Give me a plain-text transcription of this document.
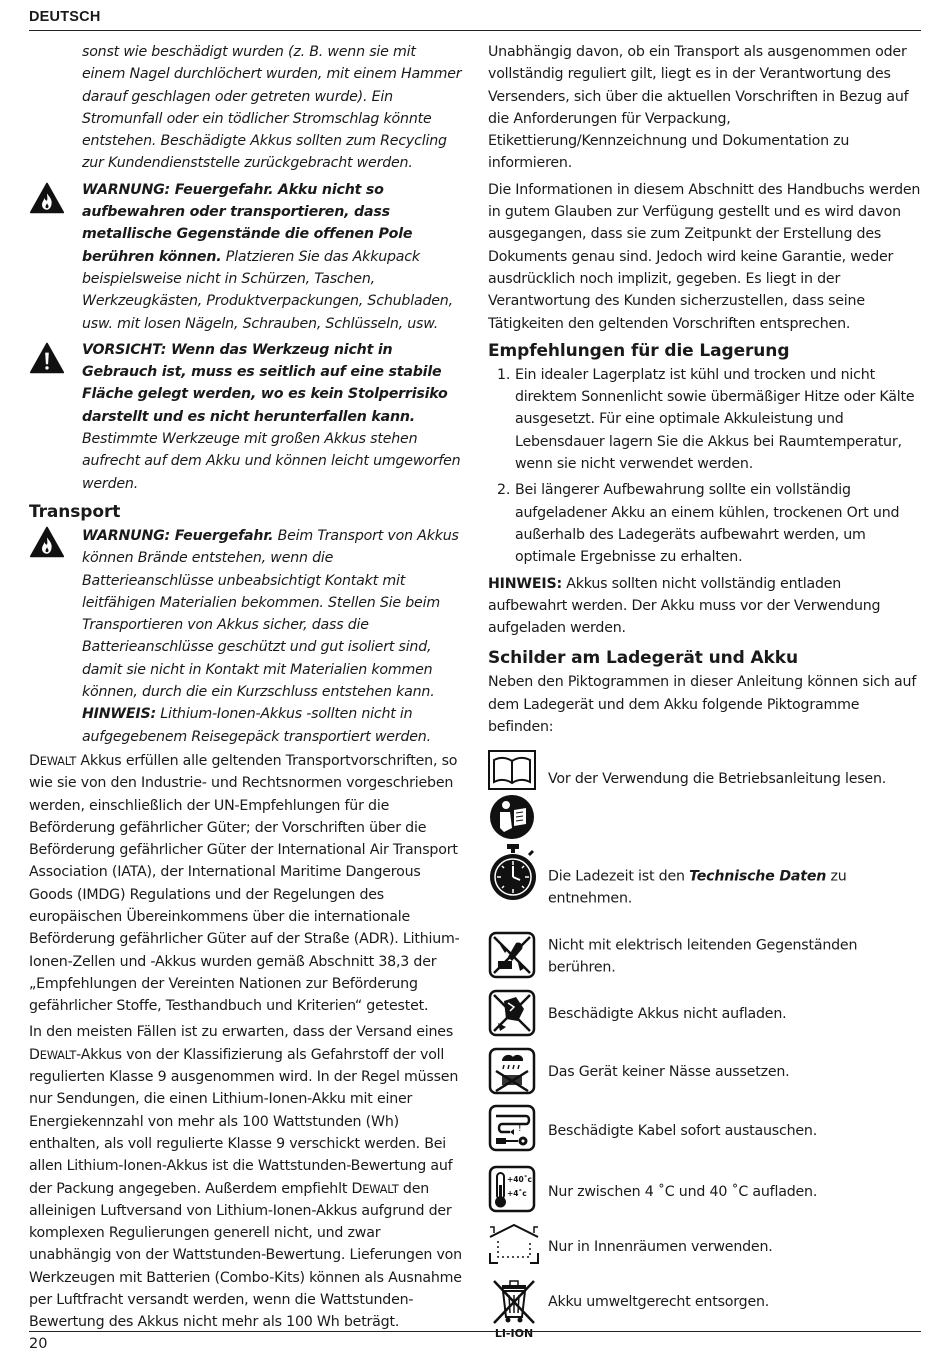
DEUTSCH

sonst wie beschädigt wurden (z. B. wenn sie mit einem Nagel durchlöchert wurden, mit einem Hammer darauf geschlagen oder getreten wurde). Ein Stromunfall oder ein tödlicher Stromschlag könnte entstehen. Beschädigte Akkus sollten zum Recycling zur Kundendienststelle zurückgebracht werden.

WARNUNG: Feuergefahr. Akku nicht so aufbewahren oder transportieren, dass metallische Gegenstände die offenen Pole berühren können. Platzieren Sie das Akkupack beispielsweise nicht in Schürzen, Taschen, Werkzeugkästen, Produktverpackungen, Schubladen, usw. mit losen Nägeln, Schrauben, Schlüsseln, usw.

VORSICHT: Wenn das Werkzeug nicht in Gebrauch ist, muss es seitlich auf eine stabile Fläche gelegt werden, wo es kein Stolperrisiko darstellt und es nicht herunterfallen kann. Bestimmte Werkzeuge mit großen Akkus stehen aufrecht auf dem Akku und können leicht umgeworfen werden.

Transport

WARNUNG: Feuergefahr. Beim Transport von Akkus können Brände entstehen, wenn die Batterieanschlüsse unbeabsichtigt Kontakt mit leitfähigen Materialien bekommen. Stellen Sie beim Transportieren von Akkus sicher, dass die Batterieanschlüsse geschützt und gut isoliert sind, damit sie nicht in Kontakt mit Materialien kommen können, durch die ein Kurzschluss entstehen kann.

HINWEIS: Lithium-Ionen-Akkus -sollten nicht in aufgegebenem Reisegepäck transportiert werden.

DEWALT Akkus erfüllen alle geltenden Transportvorschriften, so wie sie von den Industrie- und Rechtsnormen vorgeschrieben werden, einschließlich der UN-Empfehlungen für die Beförderung gefährlicher Güter; der Vorschriften über die Beförderung gefährlicher Güter der International Air Transport Association (IATA), der International Maritime Dangerous Goods (IMDG) Regulations und der Regelungen des europäischen Übereinkommens über die internationale Beförderung gefährlicher Güter auf der Straße (ADR). Lithium-Ionen-Zellen und -Akkus wurden gemäß Abschnitt 38,3 der „Empfehlungen der Vereinten Nationen zur Beförderung gefährlicher Stoffe, Testhandbuch und Kriterien“ getestet.

In den meisten Fällen ist zu erwarten, dass der Versand eines DEWALT-Akkus von der Klassifizierung als Gefahrstoff der voll regulierten Klasse 9 ausgenommen wird. In der Regel müssen nur Sendungen, die einen Lithium-Ionen-Akku mit einer Energiekennzahl von mehr als 100 Wattstunden (Wh) enthalten, als voll regulierte Klasse 9 verschickt werden. Bei allen Lithium-Ionen-Akkus ist die Wattstunden-Bewertung auf der Packung angegeben. Außerdem empfiehlt DEWALT den alleinigen Luftversand von Lithium-Ionen-Akkus aufgrund der komplexen Regulierungen generell nicht, und zwar unabhängig von der Wattstunden-Bewertung. Lieferungen von Werkzeugen mit Batterien (Combo-Kits) können als Ausnahme per Luftfracht versandt werden, wenn die Wattstunden-Bewertung des Akkus nicht mehr als 100 Wh beträgt.

Unabhängig davon, ob ein Transport als ausgenommen oder vollständig reguliert gilt, liegt es in der Verantwortung des Versenders, sich über die aktuellen Vorschriften in Bezug auf die Anforderungen für Verpackung, Etikettierung/Kennzeichnung und Dokumentation zu informieren.

Die Informationen in diesem Abschnitt des Handbuchs werden in gutem Glauben zur Verfügung gestellt und es wird davon ausgegangen, dass sie zum Zeitpunkt der Erstellung des Dokuments genau sind. Jedoch wird keine Garantie, weder ausdrücklich noch implizit, gegeben. Es liegt in der Verantwortung des Kunden sicherzustellen, dass seine Tätigkeiten den geltenden Vorschriften entsprechen.

Empfehlungen für die Lagerung
1. Ein idealer Lagerplatz ist kühl und trocken und nicht direktem Sonnenlicht sowie übermäßiger Hitze oder Kälte ausgesetzt. Für eine optimale Akkuleistung und Lebensdauer lagern Sie die Akkus bei Raumtemperatur, wenn sie nicht verwendet werden.
2. Bei längerer Aufbewahrung sollte ein vollständig aufgeladener Akku an einem kühlen, trockenen Ort und außerhalb des Ladegeräts aufbewahrt werden, um optimale Ergebnisse zu erhalten.

HINWEIS: Akkus sollten nicht vollständig entladen aufbewahrt werden. Der Akku muss vor der Verwendung aufgeladen werden.

Schilder am Ladegerät und Akku

Neben den Piktogrammen in dieser Anleitung können sich auf dem Ladegerät und dem Akku folgende Piktogramme befinden:

Vor der Verwendung die Betriebsanleitung lesen.

Die Ladezeit ist den Technische Daten zu entnehmen.

Nicht mit elektrisch leitenden Gegenständen berühren.

Beschädigte Akkus nicht aufladen.

Das Gerät keiner Nässe aussetzen.

! Beschädigte Kabel sofort austauschen.

+40˚c
+4˚c Nur zwischen 4 ˚C und 40 ˚C aufladen.

Nur in Innenräumen verwenden.

LI-ION

Akku umweltgerecht entsorgen.

20
